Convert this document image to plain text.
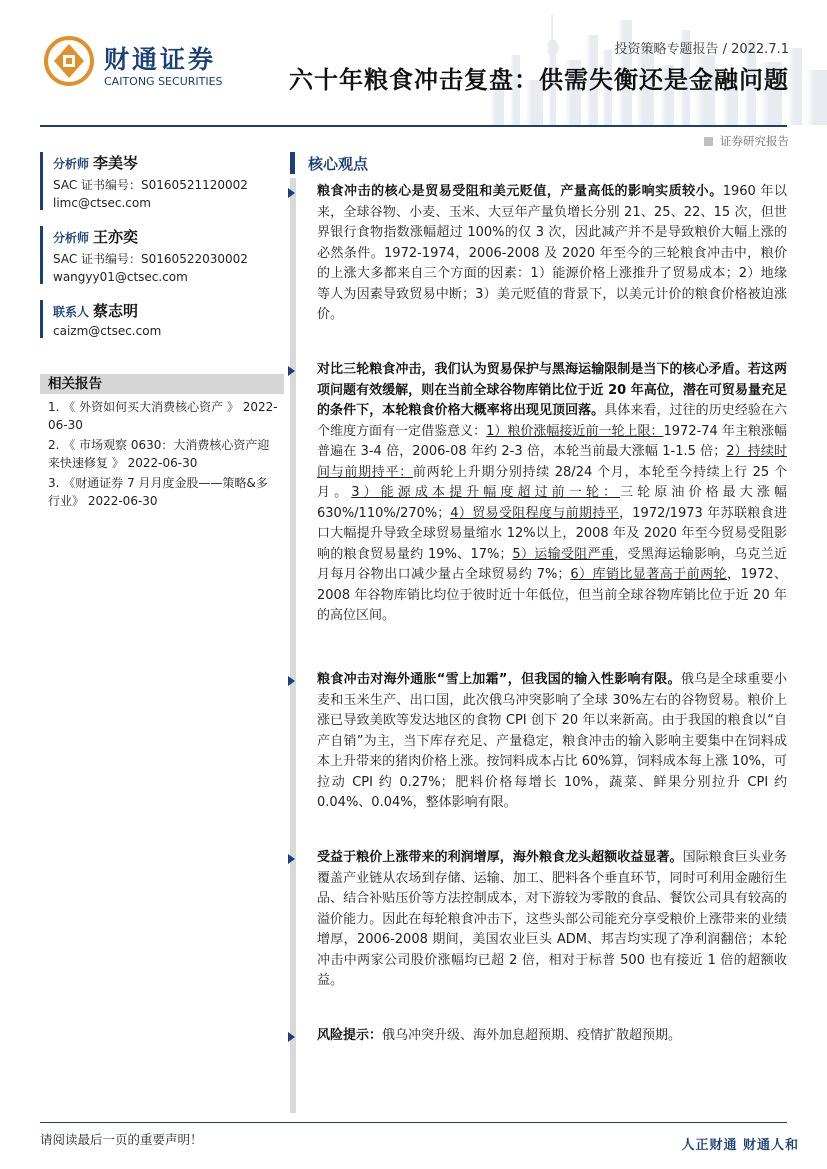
财通证券
CAITONG SECURITIES
投资策略专题报告 / 2022.7.1
六十年粮食冲击复盘：供需失衡还是金融问题
证券研究报告
分析师 李美岑
SAC 证书编号：S0160521120002
limc@ctsec.com
分析师 王亦奕
SAC 证书编号：S0160522030002
wangyy01@ctsec.com
联系人 蔡志明
caizm@ctsec.com
相关报告
1. 《 外资如何买大消费核心资产 》 2022-06-30
2. 《 市场观察 0630：大消费核心资产迎来快速修复 》 2022-06-30
3. 《财通证券 7 月月度金股——策略&多行业》 2022-06-30
核心观点
粮食冲击的核心是贸易受阻和美元贬值，产量高低的影响实质较小。1960 年以来，全球谷物、小麦、玉米、大豆年产量负增长分别 21、25、22、15 次，但世界银行食物指数涨幅超过 100%的仅 3 次，因此减产并不是导致粮价大幅上涨的必然条件。1972-1974，2006-2008 及 2020 年至今的三轮粮食冲击中，粮价的上涨大多都来自三个方面的因素：1）能源价格上涨推升了贸易成本；2）地缘等人为因素导致贸易中断；3）美元贬值的背景下，以美元计价的粮食价格被迫涨价。
对比三轮粮食冲击，我们认为贸易保护与黑海运输限制是当下的核心矛盾。若这两项问题有效缓解，则在当前全球谷物库销比位于近 20 年高位，潜在可贸易量充足的条件下，本轮粮食价格大概率将出现见顶回落。具体来看，过往的历史经验在六个维度方面有一定借鉴意义：1）粮价涨幅接近前一轮上限：1972-74 年主粮涨幅普遍在 3-4 倍，2006-08 年约 2-3 倍，本轮当前最大涨幅 1-1.5 倍；2）持续时间与前期持平：前两轮上升期分别持续 28/24 个月，本轮至今持续上行 25 个月。3）能源成本提升幅度超过前一轮：三轮原油价格最大涨幅 630%/110%/270%；4）贸易受阻程度与前期持平，1972/1973 年苏联粮食进口大幅提升导致全球贸易量缩水 12%以上，2008 年及 2020 年至今贸易受阻影响的粮食贸易量约 19%、17%；5）运输受阻严重，受黑海运输影响，乌克兰近月每月谷物出口减少量占全球贸易约 7%；6）库销比显著高于前两轮，1972、2008 年谷物库销比均位于彼时近十年低位，但当前全球谷物库销比位于近 20 年的高位区间。
粮食冲击对海外通胀“雪上加霜”，但我国的输入性影响有限。俄乌是全球重要小麦和玉米生产、出口国，此次俄乌冲突影响了全球 30%左右的谷物贸易。粮价上涨已导致美欧等发达地区的食物 CPI 创下 20 年以来新高。由于我国的粮食以“自产自销”为主，当下库存充足、产量稳定，粮食冲击的输入影响主要集中在饲料成本上升带来的猪肉价格上涨。按饲料成本占比 60%算，饲料成本每上涨 10%，可拉动 CPI 约 0.27%；肥料价格每增长 10%，蔬菜、鲜果分别拉升 CPI 约 0.04%、0.04%，整体影响有限。
受益于粮价上涨带来的利润增厚，海外粮食龙头超额收益显著。国际粮食巨头业务覆盖产业链从农场到存储、运输、加工、肥料各个垂直环节，同时可利用金融衍生品、结合补贴压价等方法控制成本，对下游较为零散的食品、餐饮公司具有较高的溢价能力。因此在每轮粮食冲击下，这些头部公司能充分享受粮价上涨带来的业绩增厚，2006-2008 期间，美国农业巨头 ADM、邦吉均实现了净利润翻倍；本轮冲击中两家公司股价涨幅均已超 2 倍，相对于标普 500 也有接近 1 倍的超额收益。
风险提示：俄乌冲突升级、海外加息超预期、疫情扩散超预期。
请阅读最后一页的重要声明！	人正财通 财通人和
